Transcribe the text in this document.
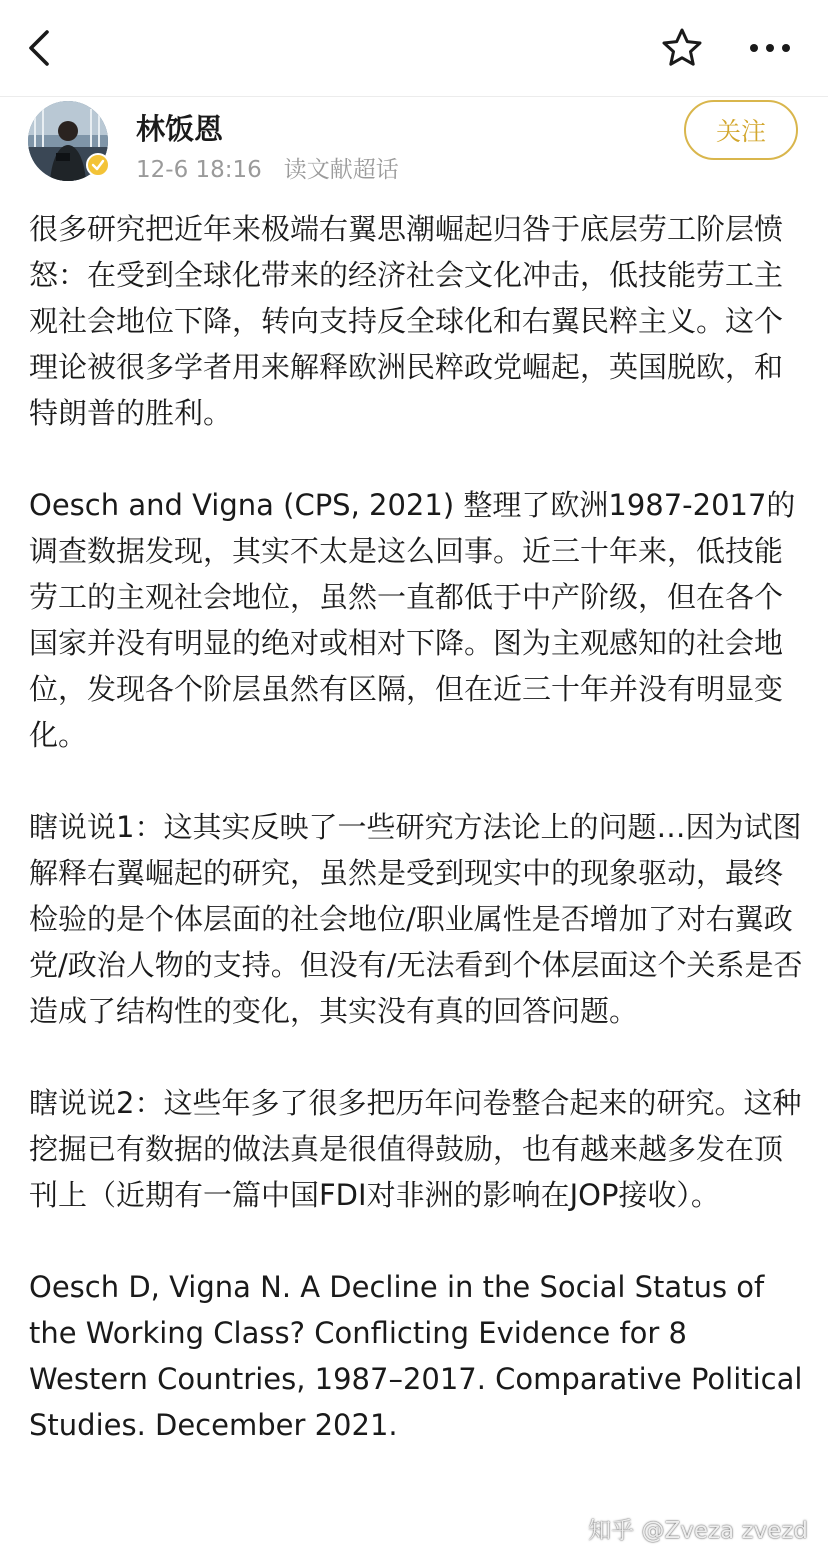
林饭恩
12-6 18:16 读文献超话
关注

很多研究把近年来极端右翼思潮崛起归咎于底层劳工阶层愤怒：在受到全球化带来的经济社会文化冲击，低技能劳工主观社会地位下降，转向支持反全球化和右翼民粹主义。这个理论被很多学者用来解释欧洲民粹政党崛起，英国脱欧，和特朗普的胜利。

Oesch and Vigna (CPS, 2021) 整理了欧洲1987-2017的调查数据发现，其实不太是这么回事。近三十年来，低技能劳工的主观社会地位，虽然一直都低于中产阶级，但在各个国家并没有明显的绝对或相对下降。图为主观感知的社会地位，发现各个阶层虽然有区隔，但在近三十年并没有明显变化。

瞎说说1：这其实反映了一些研究方法论上的问题…因为试图解释右翼崛起的研究，虽然是受到现实中的现象驱动，最终检验的是个体层面的社会地位/职业属性是否增加了对右翼政党/政治人物的支持。但没有/无法看到个体层面这个关系是否造成了结构性的变化，其实没有真的回答问题。

瞎说说2：这些年多了很多把历年问卷整合起来的研究。这种挖掘已有数据的做法真是很值得鼓励，也有越来越多发在顶刊上（近期有一篇中国FDI对非洲的影响在JOP接收）。

Oesch D, Vigna N. A Decline in the Social Status of the Working Class? Conflicting Evidence for 8 Western Countries, 1987–2017. Comparative Political Studies. December 2021.

知乎 @Zveza zvezd
